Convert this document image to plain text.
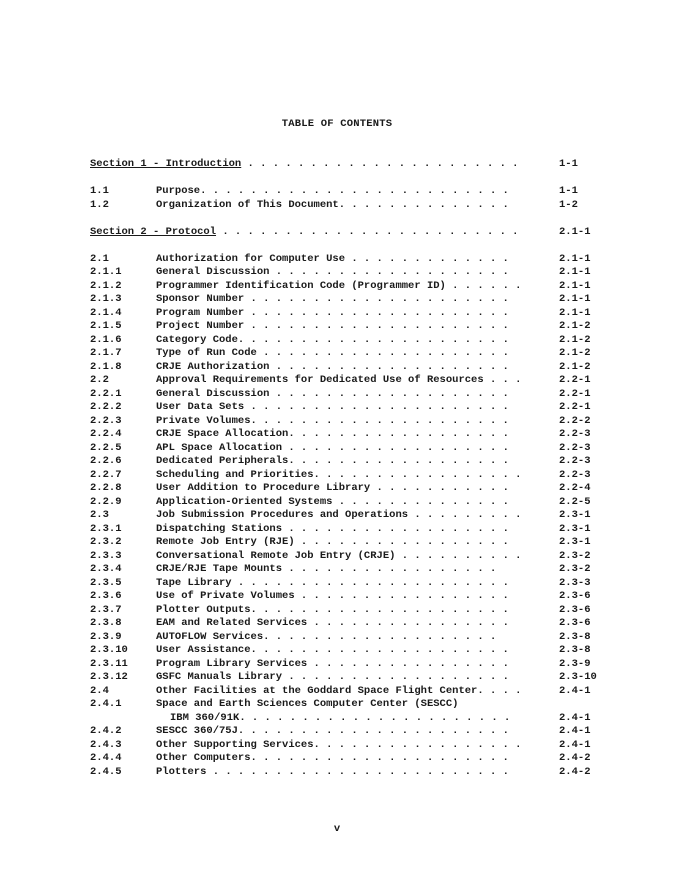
TABLE OF CONTENTS
Section 1 - Introduction . . . . . . . . . . . . . . . . . . . . . .	1-1
1.1	Purpose. . . . . . . . . . . . . . . . . . . . . . . . .	1-1
1.2	Organization of This Document. . . . . . . . . . . . . .	1-2
Section 2 - Protocol . . . . . . . . . . . . . . . . . . . . . . . .	2.1-1
2.1	Authorization for Computer Use . . . . . . . . . . . . .	2.1-1
2.1.1	General Discussion . . . . . . . . . . . . . . . . . . .	2.1-1
2.1.2	Programmer Identification Code (Programmer ID) . . . . . .	2.1-1
2.1.3	Sponsor Number . . . . . . . . . . . . . . . . . . . . .	2.1-1
2.1.4	Program Number . . . . . . . . . . . . . . . . . . . . .	2.1-1
2.1.5	Project Number . . . . . . . . . . . . . . . . . . . . .	2.1-2
2.1.6	Category Code. . . . . . . . . . . . . . . . . . . . . .	2.1-2
2.1.7	Type of Run Code . . . . . . . . . . . . . . . . . . . .	2.1-2
2.1.8	CRJE Authorization . . . . . . . . . . . . . . . . . . .	2.1-2
2.2	Approval Requirements for Dedicated Use of Resources . . .	2.2-1
2.2.1	General Discussion . . . . . . . . . . . . . . . . . . .	2.2-1
2.2.2	User Data Sets . . . . . . . . . . . . . . . . . . . . .	2.2-1
2.2.3	Private Volumes. . . . . . . . . . . . . . . . . . . . .	2.2-2
2.2.4	CRJE Space Allocation. . . . . . . . . . . . . . . . . .	2.2-3
2.2.5	APL Space Allocation . . . . . . . . . . . . . . . . . .	2.2-3
2.2.6	Dedicated Peripherals. . . . . . . . . . . . . . . . . .	2.2-3
2.2.7	Scheduling and Priorities. . . . . . . . . . . . . . . . .	2.2-3
2.2.8	User Addition to Procedure Library . . . . . . . . . . .	2.2-4
2.2.9	Application-Oriented Systems . . . . . . . . . . . . . .	2.2-5
2.3	Job Submission Procedures and Operations . . . . . . . . .	2.3-1
2.3.1	Dispatching Stations . . . . . . . . . . . . . . . . . .	2.3-1
2.3.2	Remote Job Entry (RJE) . . . . . . . . . . . . . . . . .	2.3-1
2.3.3	Conversational Remote Job Entry (CRJE) . . . . . . . . . .	2.3-2
2.3.4	CRJE/RJE Tape Mounts . . . . . . . . . . . . . . . . .	2.3-2
2.3.5	Tape Library . . . . . . . . . . . . . . . . . . . . . .	2.3-3
2.3.6	Use of Private Volumes . . . . . . . . . . . . . . . . .	2.3-6
2.3.7	Plotter Outputs. . . . . . . . . . . . . . . . . . . . .	2.3-6
2.3.8	EAM and Related Services . . . . . . . . . . . . . . . .	2.3-6
2.3.9	AUTOFLOW Services. . . . . . . . . . . . . . . . . . .	2.3-8
2.3.10	User Assistance. . . . . . . . . . . . . . . . . . . . .	2.3-8
2.3.11	Program Library Services . . . . . . . . . . . . . . . .	2.3-9
2.3.12	GSFC Manuals Library . . . . . . . . . . . . . . . . . .	2.3-10
2.4	Other Facilities at the Goddard Space Flight Center. . . .	2.4-1
2.4.1	Space and Earth Sciences Computer Center (SESCC)
IBM 360/91K. . . . . . . . . . . . . . . . . . . . . .	2.4-1
2.4.2	SESCC 360/75J. . . . . . . . . . . . . . . . . . . . . .	2.4-1
2.4.3	Other Supporting Services. . . . . . . . . . . . . . . . .	2.4-1
2.4.4	Other Computers. . . . . . . . . . . . . . . . . . . . .	2.4-2
2.4.5	Plotters . . . . . . . . . . . . . . . . . . . . . . . .	2.4-2
v
